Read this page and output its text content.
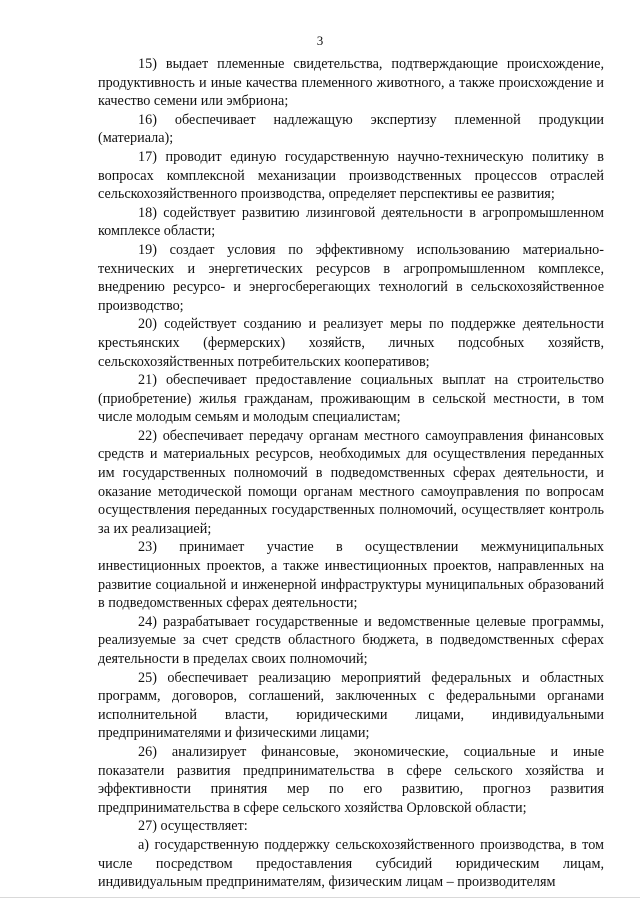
3

15) выдает племенные свидетельства, подтверждающие происхождение, продуктивность и иные качества племенного животного, а также происхождение и качество семени или эмбриона;

16) обеспечивает надлежащую экспертизу племенной продукции (материала);

17) проводит единую государственную научно-техническую политику в вопросах комплексной механизации производственных процессов отраслей сельскохозяйственного производства, определяет перспективы ее развития;

18) содействует развитию лизинговой деятельности в агропромышленном комплексе области;

19) создает условия по эффективному использованию материально-технических и энергетических ресурсов в агропромышленном комплексе, внедрению ресурсо- и энергосберегающих технологий в сельскохозяйственное производство;

20) содействует созданию и реализует меры по поддержке деятельности крестьянских (фермерских) хозяйств, личных подсобных хозяйств, сельскохозяйственных потребительских кооперативов;

21) обеспечивает предоставление социальных выплат на строительство (приобретение) жилья гражданам, проживающим в сельской местности, в том числе молодым семьям и молодым специалистам;

22) обеспечивает передачу органам местного самоуправления финансовых средств и материальных ресурсов, необходимых для осуществления переданных им государственных полномочий в подведомственных сферах деятельности, и оказание методической помощи органам местного самоуправления по вопросам осуществления переданных государственных полномочий, осуществляет контроль за их реализацией;

23) принимает участие в осуществлении межмуниципальных инвестиционных проектов, а также инвестиционных проектов, направленных на развитие социальной и инженерной инфраструктуры муниципальных образований в подведомственных сферах деятельности;

24) разрабатывает государственные и ведомственные целевые программы, реализуемые за счет средств областного бюджета, в подведомственных сферах деятельности в пределах своих полномочий;

25) обеспечивает реализацию мероприятий федеральных и областных программ, договоров, соглашений, заключенных с федеральными органами исполнительной власти, юридическими лицами, индивидуальными предпринимателями и физическими лицами;

26) анализирует финансовые, экономические, социальные и иные показатели развития предпринимательства в сфере сельского хозяйства и эффективности принятия мер по его развитию, прогноз развития предпринимательства в сфере сельского хозяйства Орловской области;

27) осуществляет:

а) государственную поддержку сельскохозяйственного производства, в том числе посредством предоставления субсидий юридическим лицам, индивидуальным предпринимателям, физическим лицам – производителям
